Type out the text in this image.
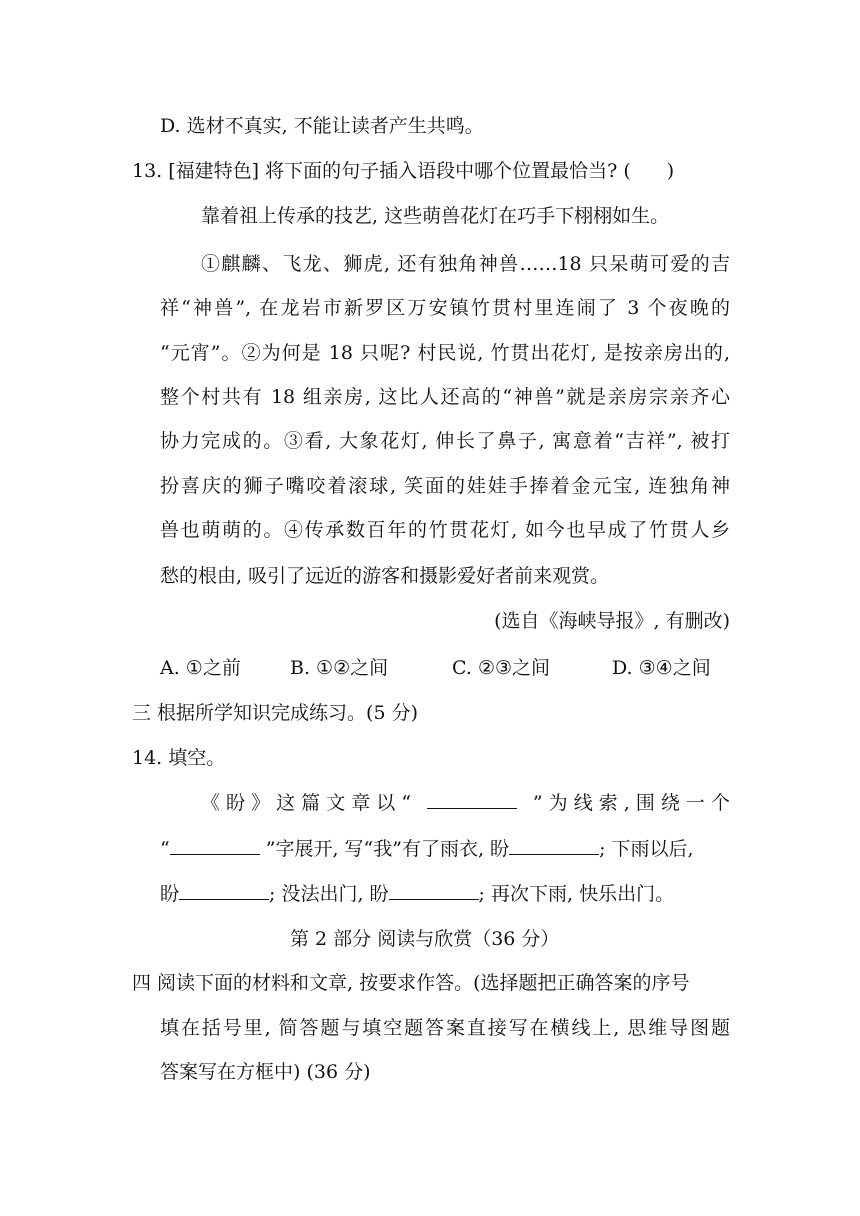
D. 选材不真实, 不能让读者产生共鸣。
13. [福建特色] 将下面的句子插入语段中哪个位置最恰当? ( )
靠着祖上传承的技艺, 这些萌兽花灯在巧手下栩栩如生。
①麒麟、飞龙、狮虎, 还有独角神兽……18 只呆萌可爱的吉
祥“神兽”, 在龙岩市新罗区万安镇竹贯村里连闹了 3 个夜晚的
“元宵”。②为何是 18 只呢? 村民说, 竹贯出花灯, 是按亲房出的,
整个村共有 18 组亲房, 这比人还高的“神兽”就是亲房宗亲齐心
协力完成的。③看, 大象花灯, 伸长了鼻子, 寓意着“吉祥”, 被打
扮喜庆的狮子嘴咬着滚球, 笑面的娃娃手捧着金元宝, 连独角神
兽也萌萌的。④传承数百年的竹贯花灯, 如今也早成了竹贯人乡
愁的根由, 吸引了远近的游客和摄影爱好者前来观赏。
(选自《海峡导报》, 有删改)
A. ①之前	B. ①②之间	C. ②③之间	D. ③④之间
三 根据所学知识完成练习。(5 分)
14. 填空。
《 盼 》 这 篇 文 章 以 “	” 为 线 索 , 围 绕 一 个
“	”字展开, 写“我”有了雨衣, 盼	; 下雨以后,
盼	; 没法出门, 盼	; 再次下雨, 快乐出门。
第 2 部分 阅读与欣赏（36 分）
四 阅读下面的材料和文章, 按要求作答。(选择题把正确答案的序号
填在括号里, 简答题与填空题答案直接写在横线上, 思维导图题
答案写在方框中) (36 分)
